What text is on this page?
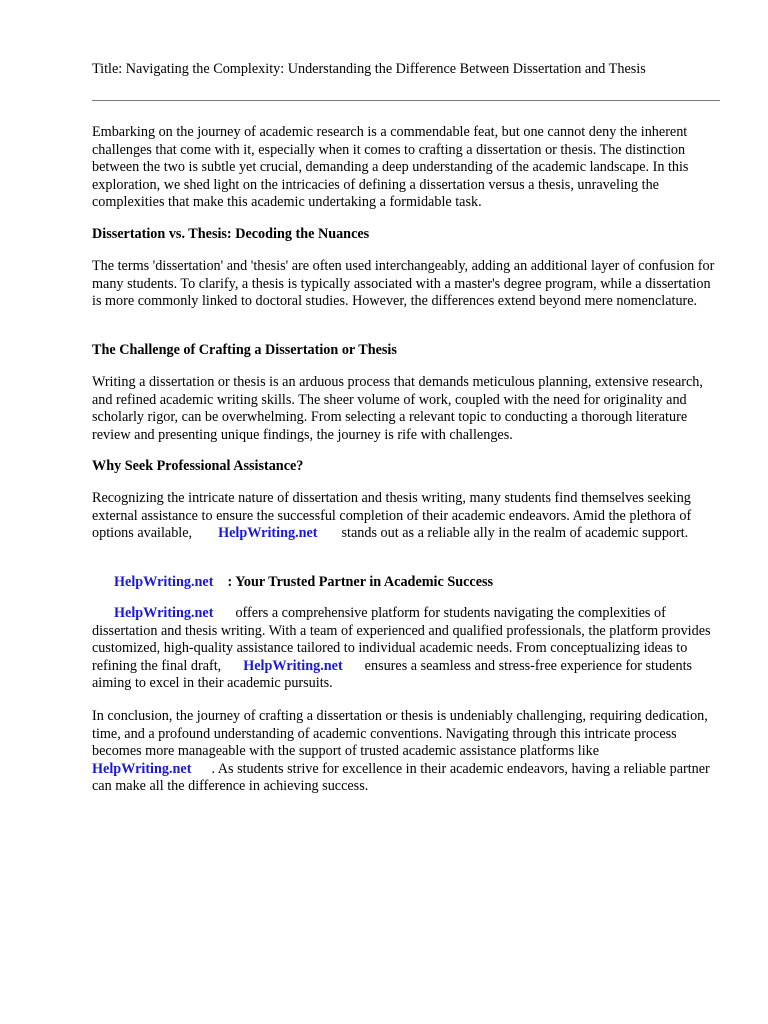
Title: Navigating the Complexity: Understanding the Difference Between Dissertation and Thesis

Embarking on the journey of academic research is a commendable feat, but one cannot deny the inherent challenges that come with it, especially when it comes to crafting a dissertation or thesis. The distinction between the two is subtle yet crucial, demanding a deep understanding of the academic landscape. In this exploration, we shed light on the intricacies of defining a dissertation versus a thesis, unraveling the complexities that make this academic undertaking a formidable task.

Dissertation vs. Thesis: Decoding the Nuances

The terms 'dissertation' and 'thesis' are often used interchangeably, adding an additional layer of confusion for many students. To clarify, a thesis is typically associated with a master's degree program, while a dissertation is more commonly linked to doctoral studies. However, the differences extend beyond mere nomenclature.

The Challenge of Crafting a Dissertation or Thesis

Writing a dissertation or thesis is an arduous process that demands meticulous planning, extensive research, and refined academic writing skills. The sheer volume of work, coupled with the need for originality and scholarly rigor, can be overwhelming. From selecting a relevant topic to conducting a thorough literature review and presenting unique findings, the journey is rife with challenges.

Why Seek Professional Assistance?

Recognizing the intricate nature of dissertation and thesis writing, many students find themselves seeking external assistance to ensure the successful completion of their academic endeavors. Amid the plethora of options available, HelpWriting.net stands out as a reliable ally in the realm of academic support.

HelpWriting.net : Your Trusted Partner in Academic Success

HelpWriting.net offers a comprehensive platform for students navigating the complexities of dissertation and thesis writing. With a team of experienced and qualified professionals, the platform provides customized, high-quality assistance tailored to individual academic needs. From conceptualizing ideas to refining the final draft, HelpWriting.net ensures a seamless and stress-free experience for students aiming to excel in their academic pursuits.

In conclusion, the journey of crafting a dissertation or thesis is undeniably challenging, requiring dedication, time, and a profound understanding of academic conventions. Navigating through this intricate process becomes more manageable with the support of trusted academic assistance platforms likeHelpWriting.net . As students strive for excellence in their academic endeavors, having a reliable partner can make all the difference in achieving success.
